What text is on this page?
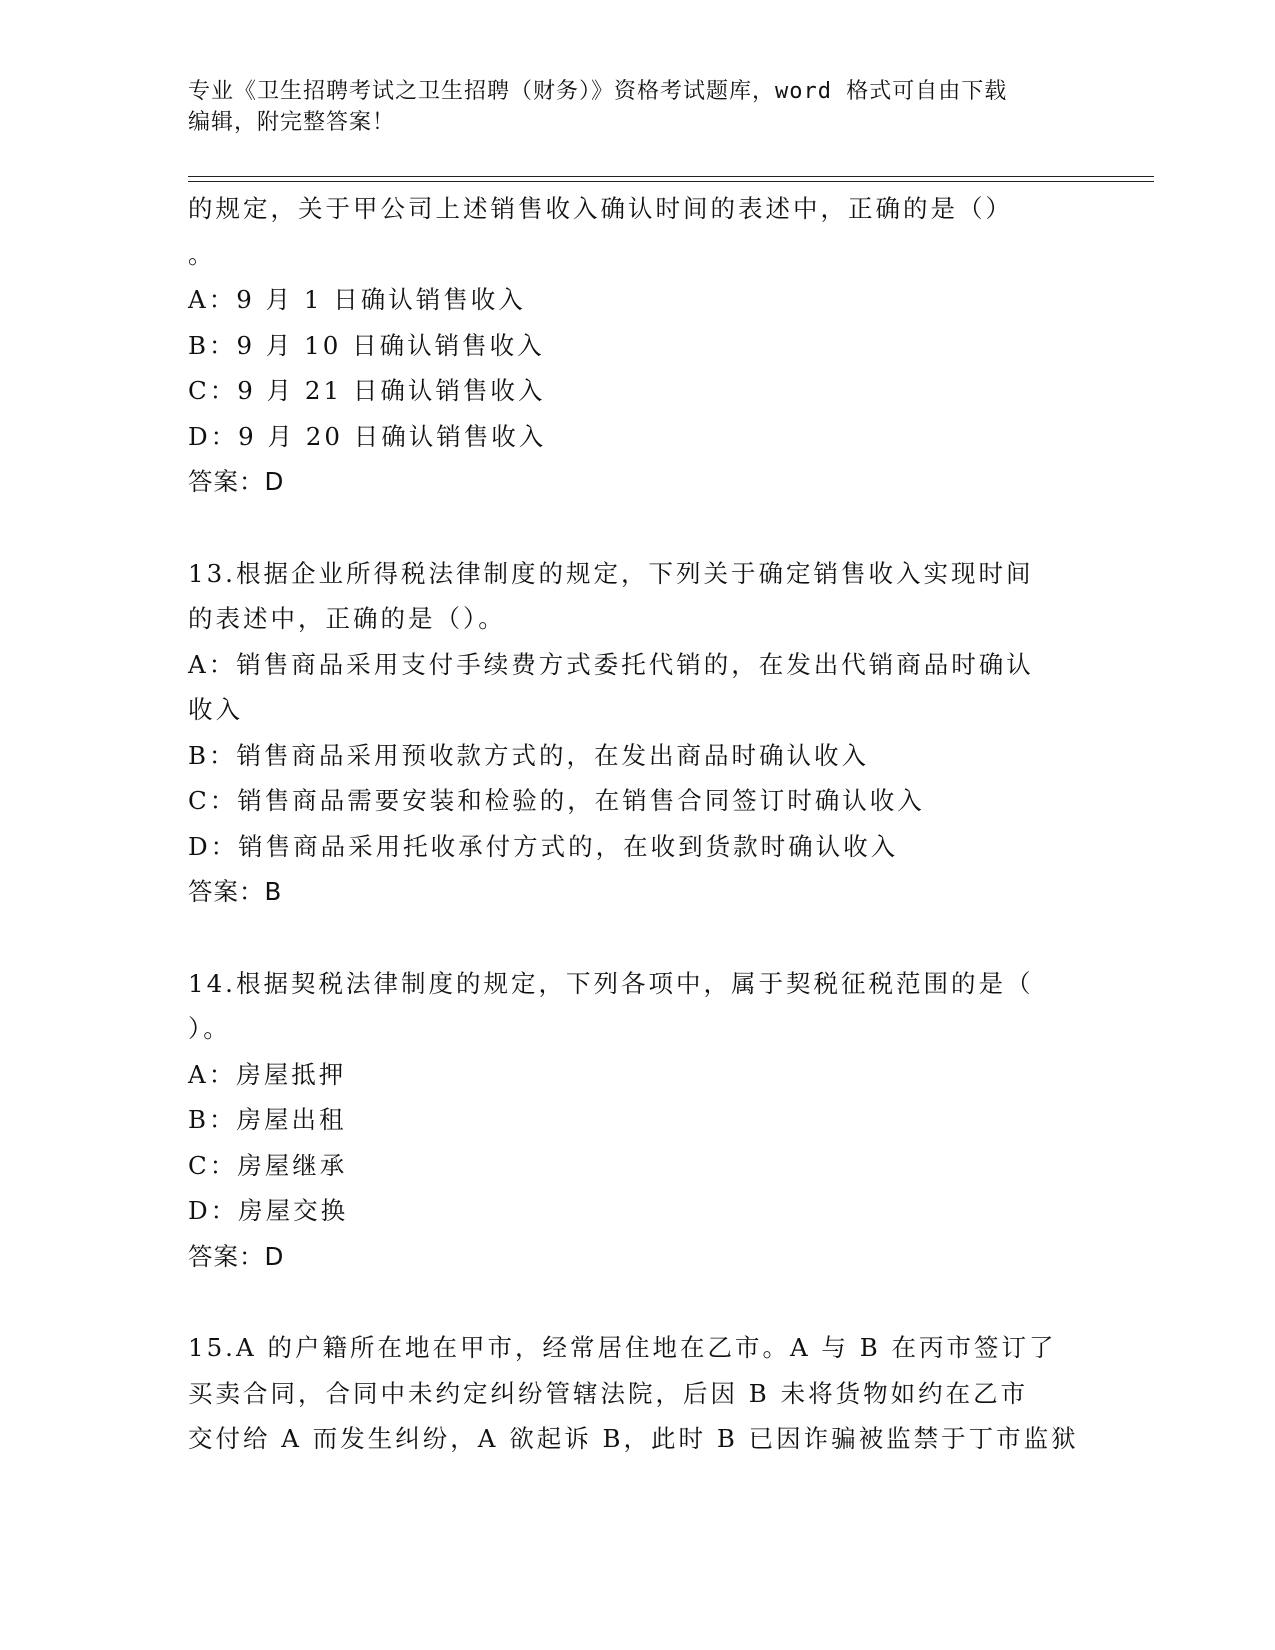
专业《卫生招聘考试之卫生招聘（财务）》资格考试题库，word 格式可自由下载
编辑，附完整答案！
的规定，关于甲公司上述销售收入确认时间的表述中，正确的是（）
。
A：9 月 1 日确认销售收入
B：9 月 10 日确认销售收入
C：9 月 21 日确认销售收入
D：9 月 20 日确认销售收入
答案：D
13.根据企业所得税法律制度的规定，下列关于确定销售收入实现时间
的表述中，正确的是（）。
A：销售商品采用支付手续费方式委托代销的，在发出代销商品时确认
收入
B：销售商品采用预收款方式的，在发出商品时确认收入
C：销售商品需要安装和检验的，在销售合同签订时确认收入
D：销售商品采用托收承付方式的，在收到货款时确认收入
答案：B
14.根据契税法律制度的规定，下列各项中，属于契税征税范围的是（
）。
A：房屋抵押
B：房屋出租
C：房屋继承
D：房屋交换
答案：D
15.A 的户籍所在地在甲市，经常居住地在乙市。A 与 B 在丙市签订了
买卖合同，合同中未约定纠纷管辖法院，后因 B 未将货物如约在乙市
交付给 A 而发生纠纷，A 欲起诉 B，此时 B 已因诈骗被监禁于丁市监狱
